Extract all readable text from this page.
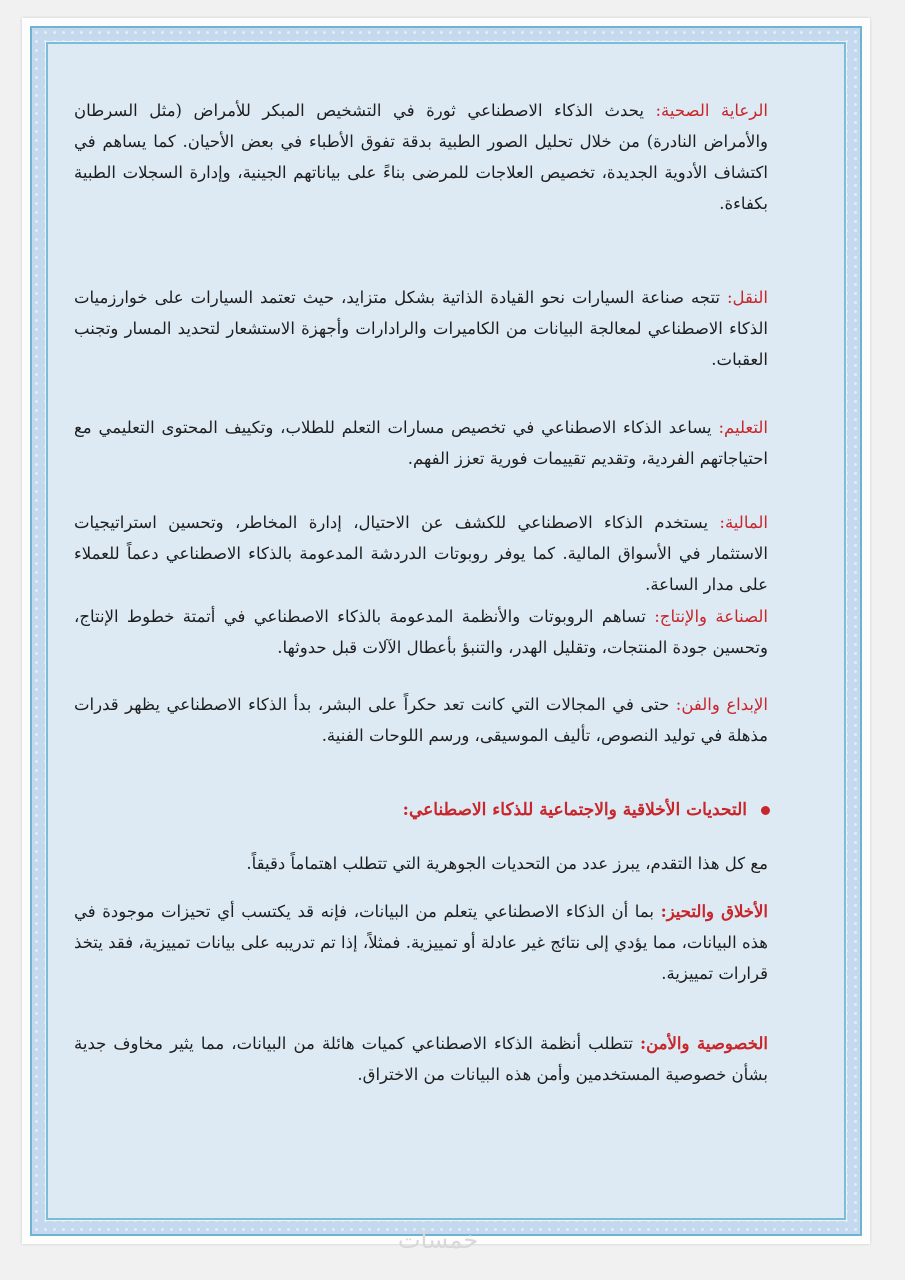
الرعاية الصحية: يحدث الذكاء الاصطناعي ثورة في التشخيص المبكر للأمراض (مثل السرطان والأمراض النادرة) من خلال تحليل الصور الطبية بدقة تفوق الأطباء في بعض الأحيان. كما يساهم في اكتشاف الأدوية الجديدة، تخصيص العلاجات للمرضى بناءً على بياناتهم الجينية، وإدارة السجلات الطبية بكفاءة.

النقل: تتجه صناعة السيارات نحو القيادة الذاتية بشكل متزايد، حيث تعتمد السيارات على خوارزميات الذكاء الاصطناعي لمعالجة البيانات من الكاميرات والرادارات وأجهزة الاستشعار لتحديد المسار وتجنب العقبات.

التعليم: يساعد الذكاء الاصطناعي في تخصيص مسارات التعلم للطلاب، وتكييف المحتوى التعليمي مع احتياجاتهم الفردية، وتقديم تقييمات فورية تعزز الفهم.

المالية: يستخدم الذكاء الاصطناعي للكشف عن الاحتيال، إدارة المخاطر، وتحسين استراتيجيات الاستثمار في الأسواق المالية. كما يوفر روبوتات الدردشة المدعومة بالذكاء الاصطناعي دعماً للعملاء على مدار الساعة.

الصناعة والإنتاج: تساهم الروبوتات والأنظمة المدعومة بالذكاء الاصطناعي في أتمتة خطوط الإنتاج، وتحسين جودة المنتجات، وتقليل الهدر، والتنبؤ بأعطال الآلات قبل حدوثها.

الإبداع والفن: حتى في المجالات التي كانت تعد حكراً على البشر، بدأ الذكاء الاصطناعي يظهر قدرات مذهلة في توليد النصوص، تأليف الموسيقى، ورسم اللوحات الفنية.

التحديات الأخلاقية والاجتماعية للذكاء الاصطناعي:

مع كل هذا التقدم، يبرز عدد من التحديات الجوهرية التي تتطلب اهتماماً دقيقاً.

الأخلاق والتحيز: بما أن الذكاء الاصطناعي يتعلم من البيانات، فإنه قد يكتسب أي تحيزات موجودة في هذه البيانات، مما يؤدي إلى نتائج غير عادلة أو تمييزية. فمثلاً، إذا تم تدريبه على بيانات تمييزية، فقد يتخذ قرارات تمييزية.

الخصوصية والأمن: تتطلب أنظمة الذكاء الاصطناعي كميات هائلة من البيانات، مما يثير مخاوف جدية بشأن خصوصية المستخدمين وأمن هذه البيانات من الاختراق.

خمسات
